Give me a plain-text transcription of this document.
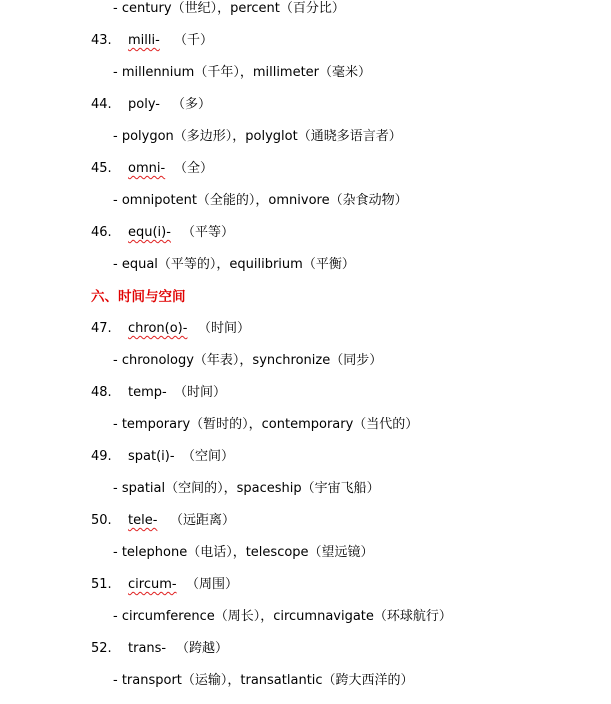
- century（世纪），percent（百分比）
43. milli- （千）
- millennium（千年），millimeter（毫米）
44. poly- （多）
- polygon（多边形），polyglot（通晓多语言者）
45. omni- （全）
- omnipotent（全能的），omnivore（杂食动物）
46. equ(i)- （平等）
- equal（平等的），equilibrium（平衡）
六、时间与空间
47. chron(o)- （时间）
- chronology（年表），synchronize（同步）
48. temp- （时间）
- temporary（暂时的），contemporary（当代的）
49. spat(i)- （空间）
- spatial（空间的），spaceship（宇宙飞船）
50. tele- （远距离）
- telephone（电话），telescope（望远镜）
51. circum- （周围）
- circumference（周长），circumnavigate（环球航行）
52. trans- （跨越）
- transport（运输），transatlantic（跨大西洋的）
